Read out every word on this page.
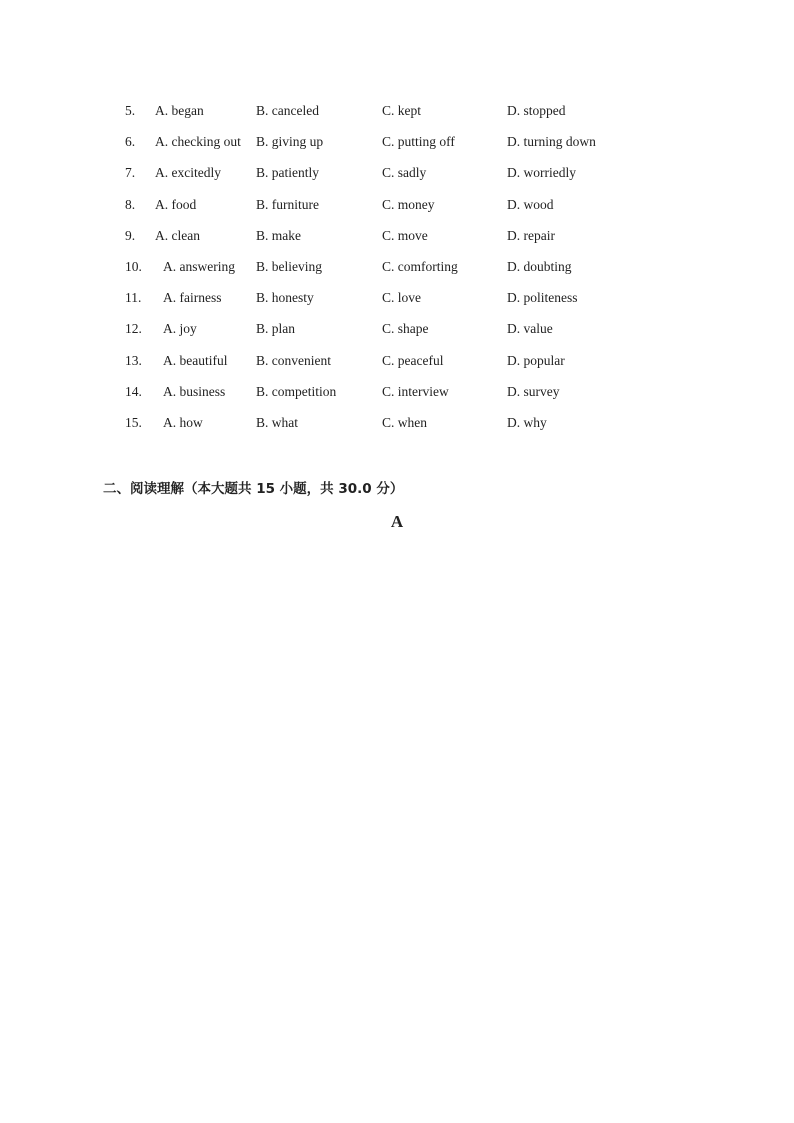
5. A. began	B. canceled	C. kept	D. stopped
6. A. checking out B. giving up	C. putting off	D. turning down
7. A. excitedly	B. patiently	C. sadly	D. worriedly
8. A. food	B. furniture	C. money	D. wood
9. A. clean	B. make	C. move	D. repair
10. A. answering B. believing	C. comforting	D. doubting
11. A. fairness	B. honesty	C. love	D. politeness
12. A. joy	B. plan	C. shape	D. value
13. A. beautiful B. convenient	C. peaceful	D. popular
14. A. business B. competition	C. interview	D. survey
15. A. how	B. what	C. when	D. why
二、阅读理解（本大题共 15 小题，共 30.0 分）
A
